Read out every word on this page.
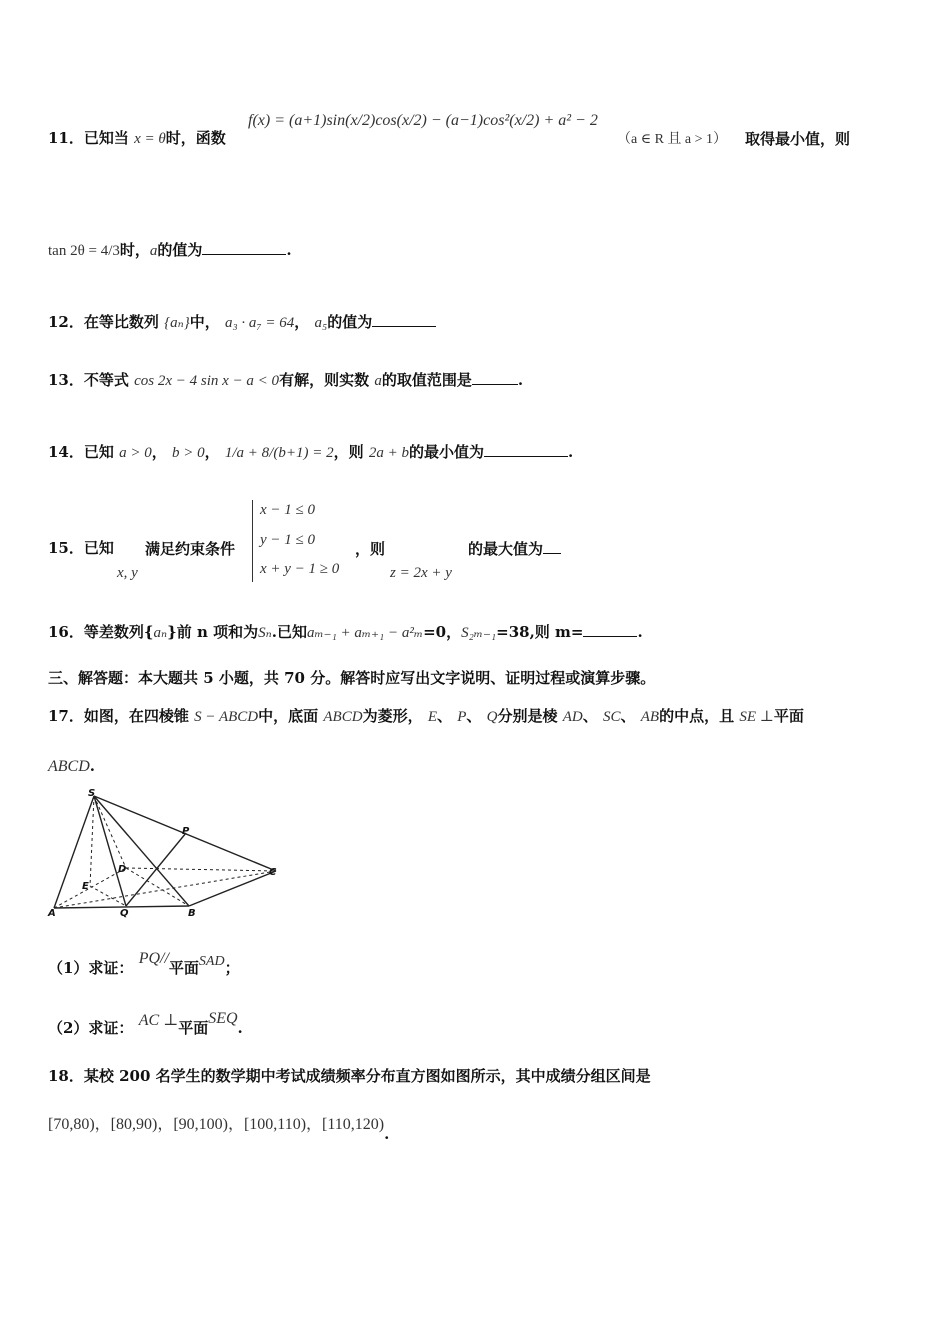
11．已知当 x = θ时，函数
f(x) = (a+1)sin(x/2)cos(x/2) − (a−1)cos²(x/2) + a² − 2
（a ∈ R 且 a > 1） 取得最小值，则
tan 2θ = 4/3时，a的值为	.
12．在等比数列 {aₙ}中， a₃ · a₇ = 64， a₅的值为
13．不等式 cos 2x − 4 sin x − a < 0有解，则实数 a的取值范围是	.
14．已知 a > 0， b > 0， 1/a + 8/(b+1) = 2，则 2a + b的最小值为	.
15．已知
x, y
满足约束条件
x − 1 ≤ 0
y − 1 ≤ 0
x + y − 1 ≥ 0
，则
z = 2x + y
的最大值为
16．等差数列{aₙ}前 n 项和为Sₙ.已知aₘ₋₁ + aₘ₊₁ − a²ₘ=0，S₂ₘ₋₁=38,则 m=	.
三、解答题：本大题共 5 小题，共 70 分。解答时应写出文字说明、证明过程或演算步骤。
17．如图，在四棱锥 S − ABCD中，底面 ABCD为菱形， E、 P、 Q分别是棱 AD、 SC、 AB的中点，且 SE ⊥平面
ABCD.
S
P
C
D
E
A	Q	B
（1）求证： PQ//平面SAD；
（2）求证： AC ⊥平面SEQ.
18．某校 200 名学生的数学期中考试成绩频率分布直方图如图所示，其中成绩分组区间是
[70,80)，[80,90)，[90,100)，[100,110)，[110,120).
